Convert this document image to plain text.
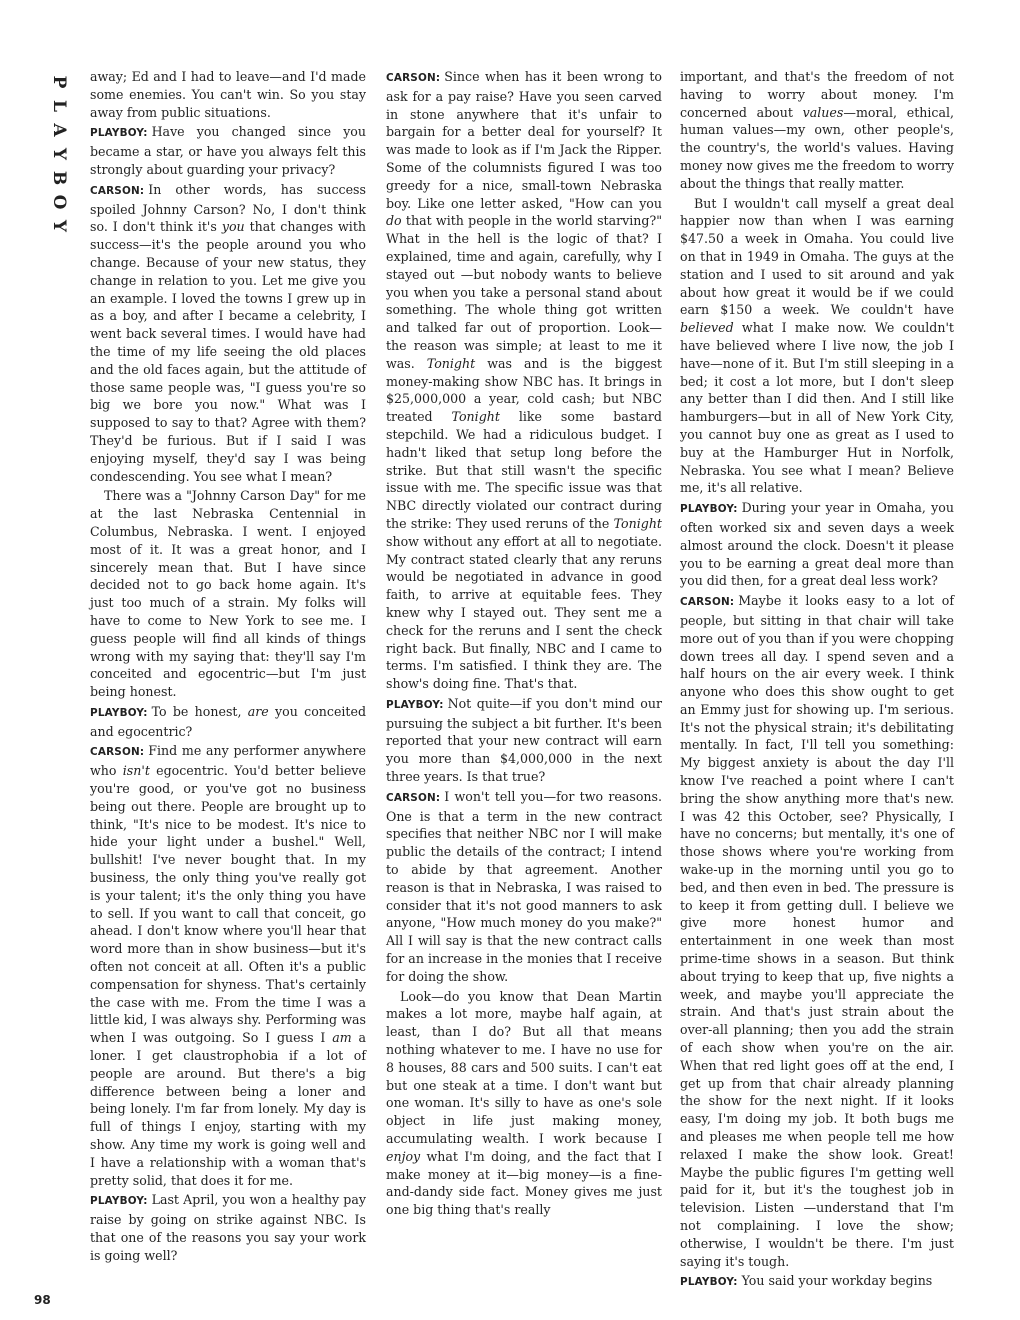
P
L
A
Y
B
O
Y
98

away; Ed and I had to leave—and I'd made some enemies. You can't win. So you stay away from public situations.

PLAYBOY: Have you changed since you became a star, or have you always felt this strongly about guarding your privacy?

CARSON: In other words, has success spoiled Johnny Carson? No, I don't think so. I don't think it's you that changes with success—it's the people around you who change. Because of your new status, they change in relation to you. Let me give you an example. I loved the towns I grew up in as a boy, and after I became a celebrity, I went back several times. I would have had the time of my life seeing the old places and the old faces again, but the attitude of those same people was, "I guess you're so big we bore you now." What was I supposed to say to that? Agree with them? They'd be furious. But if I said I was enjoying myself, they'd say I was being condescending. You see what I mean?

There was a "Johnny Carson Day" for me at the last Nebraska Centennial in Columbus, Nebraska. I went. I enjoyed most of it. It was a great honor, and I sincerely mean that. But I have since decided not to go back home again. It's just too much of a strain. My folks will have to come to New York to see me. I guess people will find all kinds of things wrong with my saying that: they'll say I'm conceited and egocentric—but I'm just being honest.

PLAYBOY: To be honest, are you conceited and egocentric?

CARSON: Find me any performer anywhere who isn't egocentric. You'd better believe you're good, or you've got no business being out there. People are brought up to think, "It's nice to be modest. It's nice to hide your light under a bushel." Well, bullshit! I've never bought that. In my business, the only thing you've really got is your talent; it's the only thing you have to sell. If you want to call that conceit, go ahead. I don't know where you'll hear that word more than in show business—but it's often not conceit at all. Often it's a public compensation for shyness. That's certainly the case with me. From the time I was a little kid, I was always shy. Performing was when I was outgoing. So I guess I am a loner. I get claustrophobia if a lot of people are around. But there's a big difference between being a loner and being lonely. I'm far from lonely. My day is full of things I enjoy, starting with my show. Any time my work is going well and I have a relationship with a woman that's pretty solid, that does it for me.

PLAYBOY: Last April, you won a healthy pay raise by going on strike against NBC. Is that one of the reasons you say your work is going well?

CARSON: Since when has it been wrong to ask for a pay raise? Have you seen carved in stone anywhere that it's unfair to bargain for a better deal for yourself? It was made to look as if I'm Jack the Ripper. Some of the columnists figured I was too greedy for a nice, small-town Nebraska boy. Like one letter asked, "How can you do that with people in the world starving?" What in the hell is the logic of that? I explained, time and again, carefully, why I stayed out —but nobody wants to believe you when you take a personal stand about something. The whole thing got written and talked far out of proportion. Look— the reason was simple; at least to me it was. Tonight was and is the biggest money-making show NBC has. It brings in $25,000,000 a year, cold cash; but NBC treated Tonight like some bastard stepchild. We had a ridiculous budget. I hadn't liked that setup long before the strike. But that still wasn't the specific issue with me. The specific issue was that NBC directly violated our contract during the strike: They used reruns of the Tonight show without any effort at all to negotiate. My contract stated clearly that any reruns would be negotiated in advance in good faith, to arrive at equitable fees. They knew why I stayed out. They sent me a check for the reruns and I sent the check right back. But finally, NBC and I came to terms. I'm satisfied. I think they are. The show's doing fine. That's that.

PLAYBOY: Not quite—if you don't mind our pursuing the subject a bit further. It's been reported that your new contract will earn you more than $4,000,000 in the next three years. Is that true?

CARSON: I won't tell you—for two reasons. One is that a term in the new contract specifies that neither NBC nor I will make public the details of the contract; I intend to abide by that agreement. Another reason is that in Nebraska, I was raised to consider that it's not good manners to ask anyone, "How much money do you make?" All I will say is that the new contract calls for an increase in the monies that I receive for doing the show.

Look—do you know that Dean Martin makes a lot more, maybe half again, at least, than I do? But all that means nothing whatever to me. I have no use for 8 houses, 88 cars and 500 suits. I can't eat but one steak at a time. I don't want but one woman. It's silly to have as one's sole object in life just making money, accumulating wealth. I work because I enjoy what I'm doing, and the fact that I make money at it—big money—is a fine-and-dandy side fact. Money gives me just one big thing that's really

important, and that's the freedom of not having to worry about money. I'm concerned about values—moral, ethical, human values—my own, other people's, the country's, the world's values. Having money now gives me the freedom to worry about the things that really matter.

But I wouldn't call myself a great deal happier now than when I was earning $47.50 a week in Omaha. You could live on that in 1949 in Omaha. The guys at the station and I used to sit around and yak about how great it would be if we could earn $150 a week. We couldn't have believed what I make now. We couldn't have believed where I live now, the job I have—none of it. But I'm still sleeping in a bed; it cost a lot more, but I don't sleep any better than I did then. And I still like hamburgers—but in all of New York City, you cannot buy one as great as I used to buy at the Hamburger Hut in Norfolk, Nebraska. You see what I mean? Believe me, it's all relative.

PLAYBOY: During your year in Omaha, you often worked six and seven days a week almost around the clock. Doesn't it please you to be earning a great deal more than you did then, for a great deal less work?

CARSON: Maybe it looks easy to a lot of people, but sitting in that chair will take more out of you than if you were chopping down trees all day. I spend seven and a half hours on the air every week. I think anyone who does this show ought to get an Emmy just for showing up. I'm serious. It's not the physical strain; it's debilitating mentally. In fact, I'll tell you something: My biggest anxiety is about the day I'll know I've reached a point where I can't bring the show anything more that's new. I was 42 this October, see? Physically, I have no concerns; but mentally, it's one of those shows where you're working from wake-up in the morning until you go to bed, and then even in bed. The pressure is to keep it from getting dull. I believe we give more honest humor and entertainment in one week than most prime-time shows in a season. But think about trying to keep that up, five nights a week, and maybe you'll appreciate the strain. And that's just strain about the over-all planning; then you add the strain of each show when you're on the air. When that red light goes off at the end, I get up from that chair already planning the show for the next night. If it looks easy, I'm doing my job. It both bugs me and pleases me when people tell me how relaxed I make the show look. Great! Maybe the public figures I'm getting well paid for it, but it's the toughest job in television. Listen —understand that I'm not complaining. I love the show; otherwise, I wouldn't be there. I'm just saying it's tough.

PLAYBOY: You said your workday begins
